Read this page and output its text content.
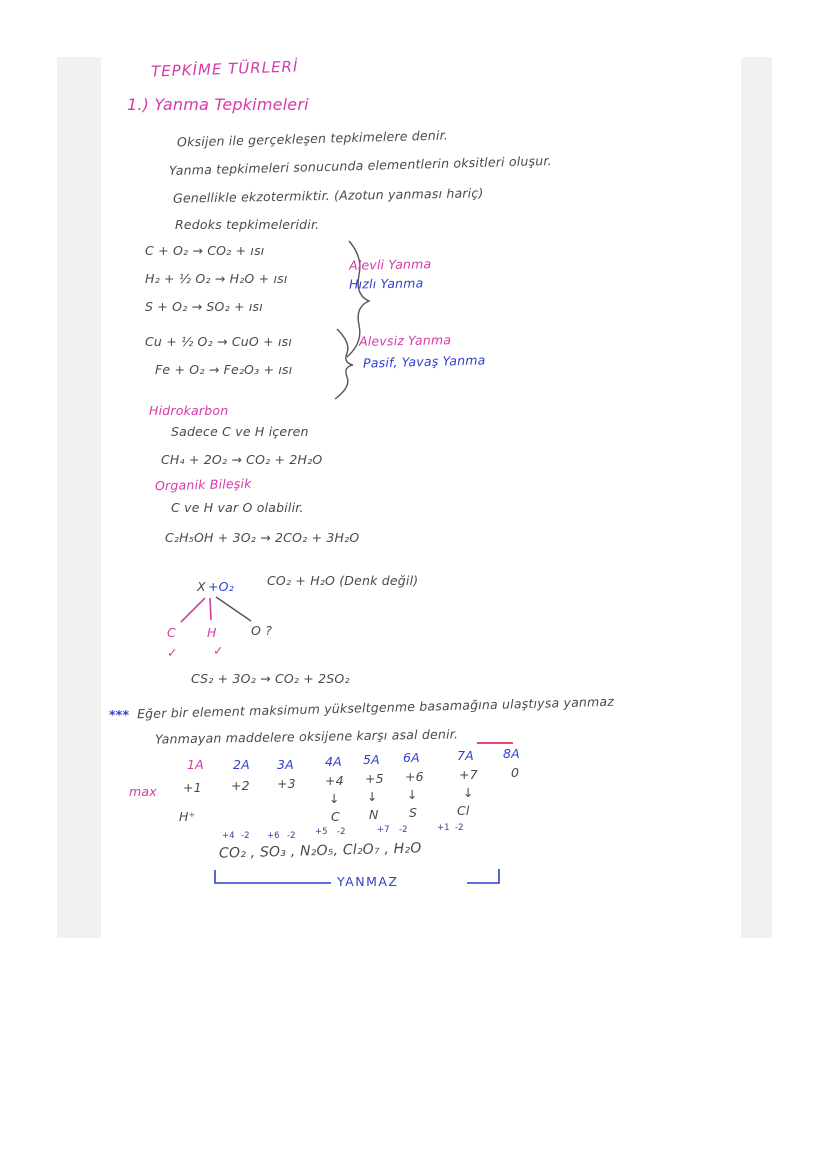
TEPKİME TÜRLERİ
1.) Yanma Tepkimeleri
Oksijen ile gerçekleşen tepkimelere denir.
Yanma tepkimeleri sonucunda elementlerin oksitleri oluşur.
Genellikle ekzotermiktir. (Azotun yanması hariç)
Redoks tepkimeleridir.
C + O₂ → CO₂ + ısı
H₂ + ½ O₂ → H₂O + ısı
S + O₂ → SO₂ + ısı
Alevli Yanma
Hızlı Yanma
Cu + ½ O₂ → CuO + ısı
Fe + O₂ → Fe₂O₃ + ısı
Alevsiz Yanma
Pasif, Yavaş Yanma
Hidrokarbon
Sadece C ve H içeren
CH₄ + 2O₂ → CO₂ + 2H₂O
Organik Bileşik
C ve H var O olabilir.
C₂H₅OH + 3O₂ → 2CO₂ + 3H₂O
X +O₂	CO₂ + H₂O (Denk değil)
C H	O ?
✓	✓
CS₂ + 3O₂ → CO₂ + 2SO₂
*** Eğer bir element maksimum yükseltgenme basamağına ulaştıysa yanmaz
Yanmayan maddelere oksijene karşı asal denir.
1A 2A 3A 4A 5A 6A	7A 8A
max +1 +2 +3 +4 +5 +6	+7	0
↓ ↓ ↓	↓
H⁺	C N S	Cl
+4 -2 +6 -2 +5 -2	+7 -2	+1 -2
CO₂ , SO₃ , N₂O₅, Cl₂O₇ , H₂O
YANMAZ
